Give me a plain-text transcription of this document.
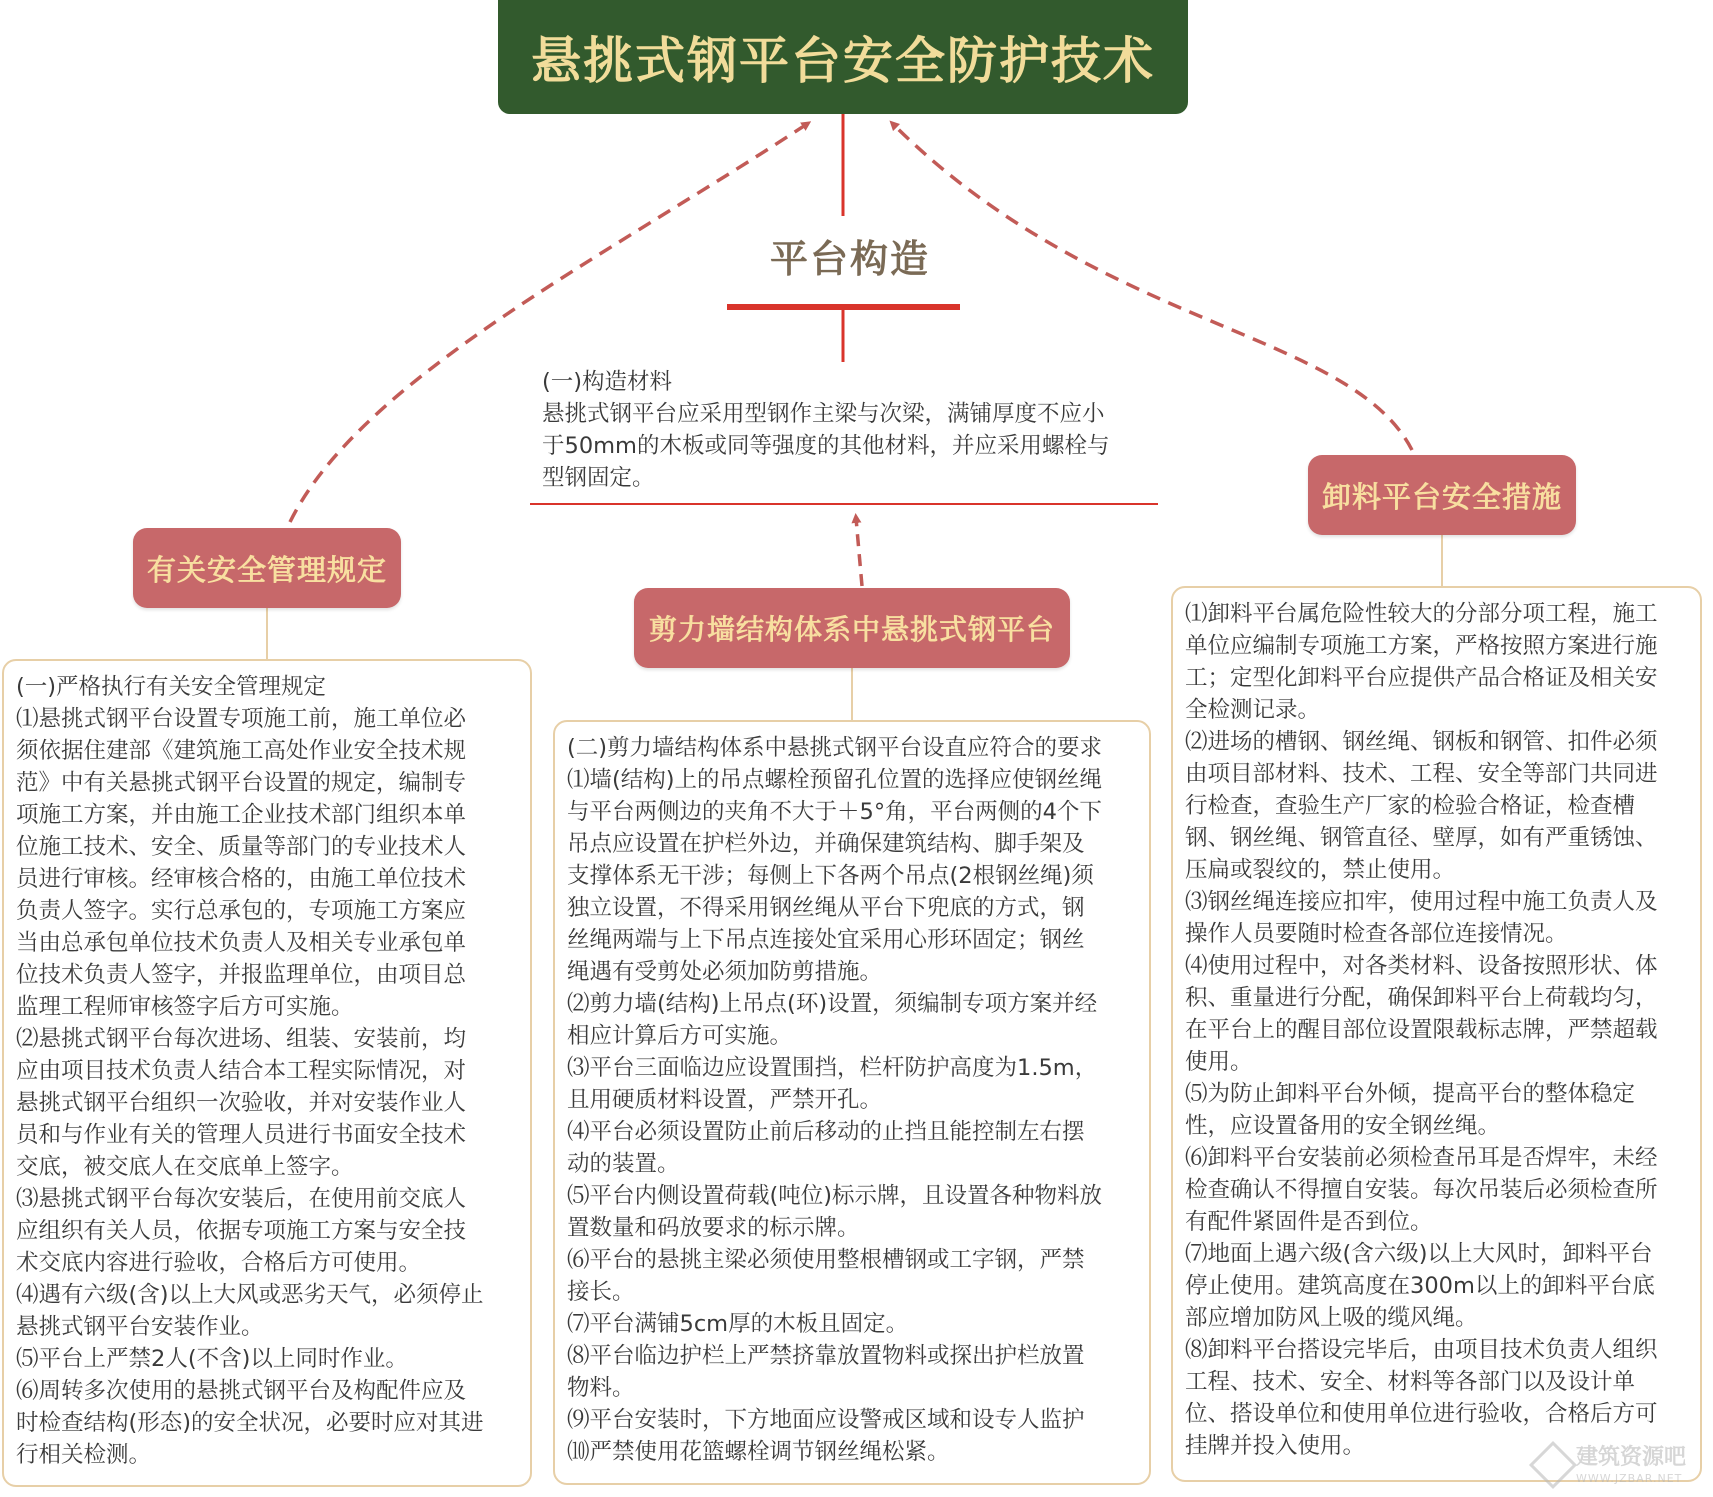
悬挑式钢平台安全防护技术
平台构造

(一)构造材料

悬挑式钢平台应采用型钢作主梁与次梁，满铺厚度不应小

于50mm的木板或同等强度的其他材料，并应采用螺栓与

型钢固定。

有关安全管理规定
剪力墙结构体系中悬挑式钢平台
卸料平台安全措施

(一)严格执行有关安全管理规定

⑴悬挑式钢平台设置专项施工前，施工单位必

须依据住建部《建筑施工高处作业安全技术规

范》中有关悬挑式钢平台设置的规定，编制专

项施工方案，并由施工企业技术部门组织本单

位施工技术、安全、质量等部门的专业技术人

员进行审核。经审核合格的，由施工单位技术

负责人签字。实行总承包的，专项施工方案应

当由总承包单位技术负责人及相关专业承包单

位技术负责人签字，并报监理单位，由项目总

监理工程师审核签字后方可实施。

⑵悬挑式钢平台每次进场、组装、安装前，均

应由项目技术负责人结合本工程实际情况，对

悬挑式钢平台组织一次验收，并对安装作业人

员和与作业有关的管理人员进行书面安全技术

交底，被交底人在交底单上签字。

⑶悬挑式钢平台每次安装后，在使用前交底人

应组织有关人员，依据专项施工方案与安全技

术交底内容进行验收，合格后方可使用。

⑷遇有六级(含)以上大风或恶劣天气，必须停止

悬挑式钢平台安装作业。

⑸平台上严禁2人(不含)以上同时作业。

⑹周转多次使用的悬挑式钢平台及构配件应及

时检查结构(形态)的安全状况，必要时应对其进

行相关检测。

(二)剪力墙结构体系中悬挑式钢平台设直应符合的要求

⑴墙(结构)上的吊点螺栓预留孔位置的选择应使钢丝绳

与平台两侧边的夹角不大于＋5°角，平台两侧的4个下

吊点应设置在护栏外边，并确保建筑结构、脚手架及

支撑体系无干涉；每侧上下各两个吊点(2根钢丝绳)须

独立设置，不得采用钢丝绳从平台下兜底的方式，钢

丝绳两端与上下吊点连接处宜采用心形环固定；钢丝

绳遇有受剪处必须加防剪措施。

⑵剪力墙(结构)上吊点(环)设置，须编制专项方案并经

相应计算后方可实施。

⑶平台三面临边应设置围挡，栏杆防护高度为1.5m，

且用硬质材料设置，严禁开孔。

⑷平台必须设置防止前后移动的止挡且能控制左右摆

动的装置。

⑸平台内侧设置荷载(吨位)标示牌，且设置各种物料放

置数量和码放要求的标示牌。

⑹平台的悬挑主梁必须使用整根槽钢或工字钢，严禁

接长。

⑺平台满铺5cm厚的木板且固定。

⑻平台临边护栏上严禁挤靠放置物料或探出护栏放置

物料。

⑼平台安装时，下方地面应设警戒区域和设专人监护

⑽严禁使用花篮螺栓调节钢丝绳松紧。

⑴卸料平台属危险性较大的分部分项工程，施工

单位应编制专项施工方案，严格按照方案进行施

工；定型化卸料平台应提供产品合格证及相关安

全检测记录。

⑵进场的槽钢、钢丝绳、钢板和钢管、扣件必须

由项目部材料、技术、工程、安全等部门共同进

行检查，查验生产厂家的检验合格证，检查槽

钢、钢丝绳、钢管直径、壁厚，如有严重锈蚀、

压扁或裂纹的，禁止使用。

⑶钢丝绳连接应扣牢，使用过程中施工负责人及

操作人员要随时检查各部位连接情况。

⑷使用过程中，对各类材料、设备按照形状、体

积、重量进行分配，确保卸料平台上荷载均匀，

在平台上的醒目部位设置限载标志牌，严禁超载

使用。

⑸为防止卸料平台外倾，提高平台的整体稳定

性，应设置备用的安全钢丝绳。

⑹卸料平台安装前必须检查吊耳是否焊牢，未经

检查确认不得擅自安装。每次吊装后必须检查所

有配件紧固件是否到位。

⑺地面上遇六级(含六级)以上大风时，卸料平台

停止使用。建筑高度在300m以上的卸料平台底

部应增加防风上吸的缆风绳。

⑻卸料平台搭设完毕后，由项目技术负责人组织

工程、技术、安全、材料等各部门以及设计单

位、搭设单位和使用单位进行验收，合格后方可

挂牌并投入使用。	建筑资源吧
WWW.JZBAR.NET
